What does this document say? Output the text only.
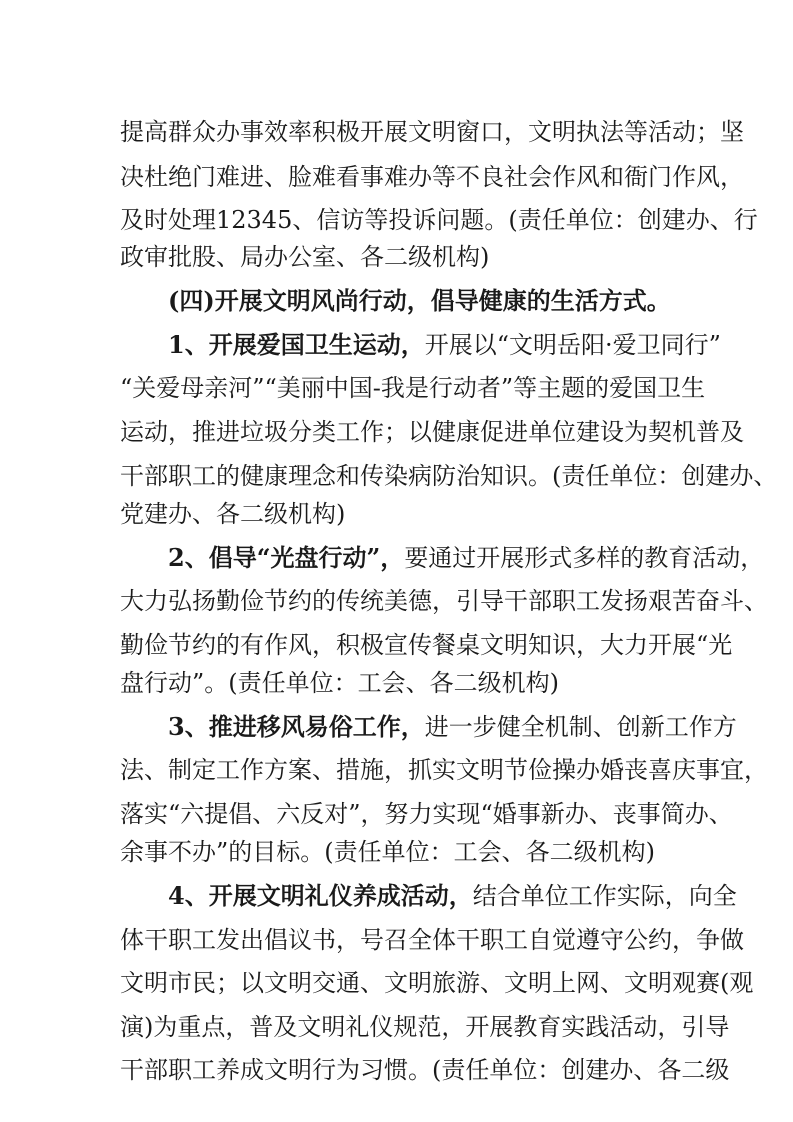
提高群众办事效率积极开展文明窗口，文明执法等活动；坚
决杜绝门难进、脸难看事难办等不良社会作风和衙门作风，
及时处理12345、信访等投诉问题。(责任单位：创建办、行
政审批股、局办公室、各二级机构)
(四)开展文明风尚行动，倡导健康的生活方式。
1、开展爱国卫生运动，开展以“文明岳阳·爱卫同行”
“关爱母亲河”“美丽中国-我是行动者”等主题的爱国卫生
运动，推进垃圾分类工作；以健康促进单位建设为契机普及
干部职工的健康理念和传染病防治知识。(责任单位：创建办、
党建办、各二级机构)
2、倡导“光盘行动”，要通过开展形式多样的教育活动，
大力弘扬勤俭节约的传统美德，引导干部职工发扬艰苦奋斗、
勤俭节约的有作风，积极宣传餐桌文明知识，大力开展“光
盘行动”。(责任单位：工会、各二级机构)
3、推进移风易俗工作，进一步健全机制、创新工作方
法、制定工作方案、措施，抓实文明节俭操办婚丧喜庆事宜，
落实“六提倡、六反对”，努力实现“婚事新办、丧事简办、
余事不办”的目标。(责任单位：工会、各二级机构)
4、开展文明礼仪养成活动，结合单位工作实际，向全
体干职工发出倡议书，号召全体干职工自觉遵守公约，争做
文明市民；以文明交通、文明旅游、文明上网、文明观赛(观
演)为重点，普及文明礼仪规范，开展教育实践活动，引导
干部职工养成文明行为习惯。(责任单位：创建办、各二级
